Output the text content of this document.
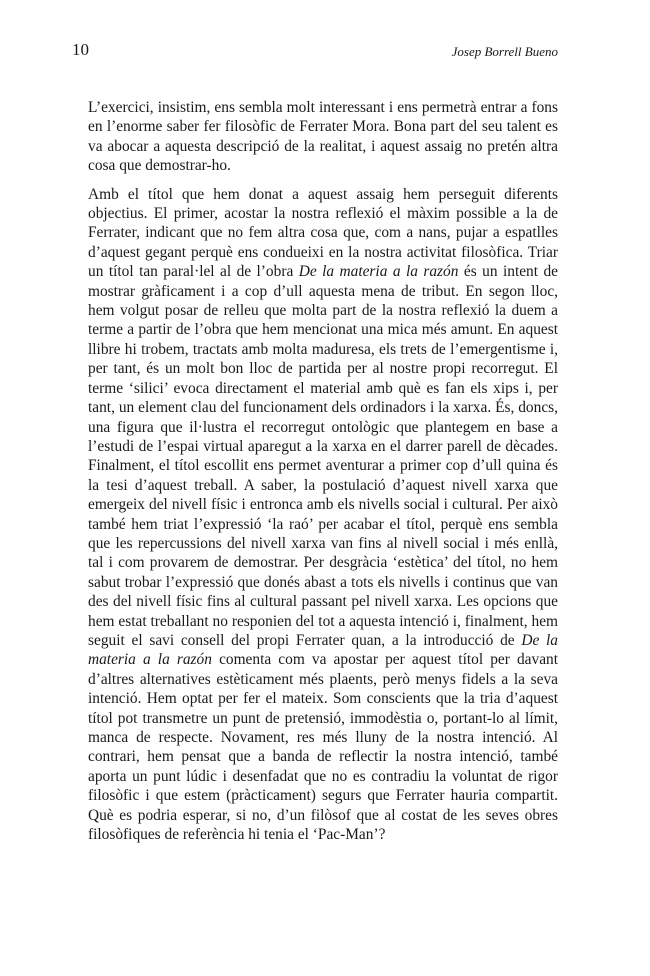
10	Josep Borrell Bueno

L’exercici, insistim, ens sembla molt interessant i ens permetrà entrar a fons en l’enorme saber fer filosòfic de Ferrater Mora. Bona part del seu talent es va abocar a aquesta descripció de la realitat, i aquest assaig no pretén altra cosa que demostrar-ho.

Amb el títol que hem donat a aquest assaig hem perseguit diferents objectius. El primer, acostar la nostra reflexió el màxim possible a la de Ferrater, indicant que no fem altra cosa que, com a nans, pujar a espatlles d’aquest gegant perquè ens condueixi en la nostra activitat filosòfica. Triar un títol tan paral·lel al de l’obra De la materia a la razón és un intent de mostrar gràficament i a cop d’ull aquesta mena de tribut. En segon lloc, hem volgut posar de relleu que molta part de la nostra reflexió la duem a terme a partir de l’obra que hem mencionat una mica més amunt. En aquest llibre hi trobem, tractats amb molta maduresa, els trets de l’emergentisme i, per tant, és un molt bon lloc de partida per al nostre propi recorregut. El terme ‘silici’ evoca directament el material amb què es fan els xips i, per tant, un element clau del funcionament dels ordinadors i la xarxa. És, doncs, una figura que il·lustra el recorregut ontològic que plantegem en base a l’estudi de l’espai virtual aparegut a la xarxa en el darrer parell de dècades. Finalment, el títol escollit ens permet aventurar a primer cop d’ull quina és la tesi d’aquest treball. A saber, la postulació d’aquest nivell xarxa que emergeix del nivell físic i entronca amb els nivells social i cultural. Per això també hem triat l’expressió ‘la raó’ per acabar el títol, perquè ens sembla que les repercussions del nivell xarxa van fins al nivell social i més enllà, tal i com provarem de demostrar. Per desgràcia ‘estètica’ del títol, no hem sabut trobar l’expressió que donés abast a tots els nivells i continus que van des del nivell físic fins al cultural passant pel nivell xarxa. Les opcions que hem estat treballant no responien del tot a aquesta intenció i, finalment, hem seguit el savi consell del propi Ferrater quan, a la introducció de De la materia a la razón comenta com va apostar per aquest títol per davant d’altres alternatives estèticament més plaents, però menys fidels a la seva intenció. Hem optat per fer el mateix. Som conscients que la tria d’aquest títol pot transmetre un punt de pretensió, immodèstia o, portant-lo al límit, manca de respecte. Novament, res més lluny de la nostra intenció. Al contrari, hem pensat que a banda de reflectir la nostra intenció, també aporta un punt lúdic i desenfadat que no es contradiu la voluntat de rigor filosòfic i que estem (pràcticament) segurs que Ferrater hauria compartit. Què es podria esperar, si no, d’un filòsof que al costat de les seves obres filosòfiques de referència hi tenia el ‘Pac-Man’?
